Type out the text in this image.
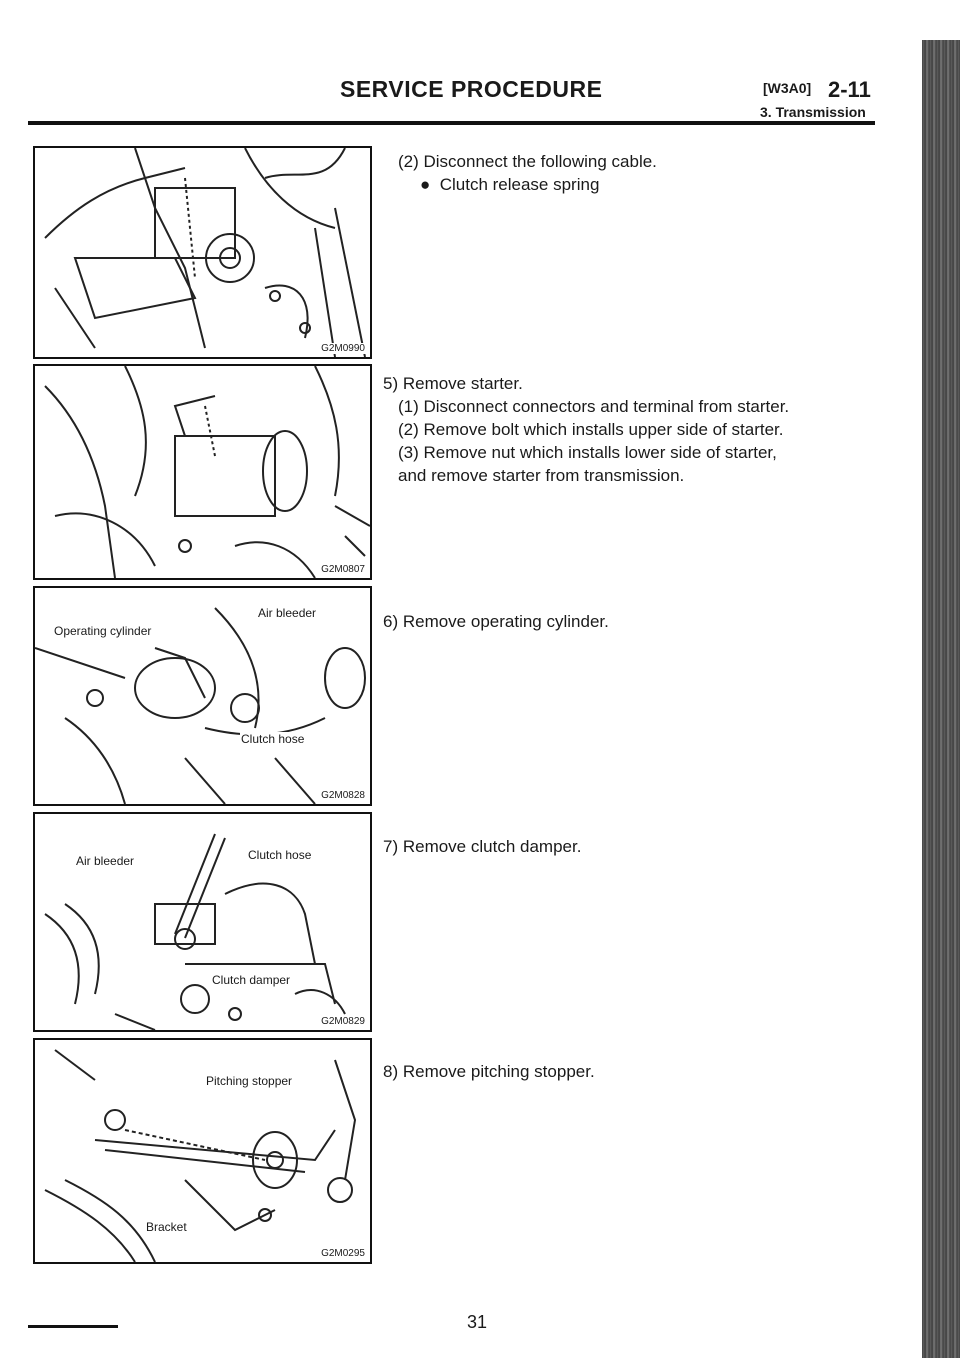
SERVICE PROCEDURE	[W3A0] 2-11
3. Transmission
G2M0990
G2M0807
Operating cylinder
Air bleeder
Clutch hose
G2M0828
Air bleeder	Clutch hose
Clutch damper
G2M0829
Pitching stopper
Bracket
G2M0295
(2) Disconnect the following cable.
●  Clutch release spring
5) Remove starter.
(1) Disconnect connectors and terminal from starter.
(2) Remove bolt which installs upper side of starter.
(3) Remove nut which installs lower side of starter,
and remove starter from transmission.
6) Remove operating cylinder.
7) Remove clutch damper.
8) Remove pitching stopper.
31
